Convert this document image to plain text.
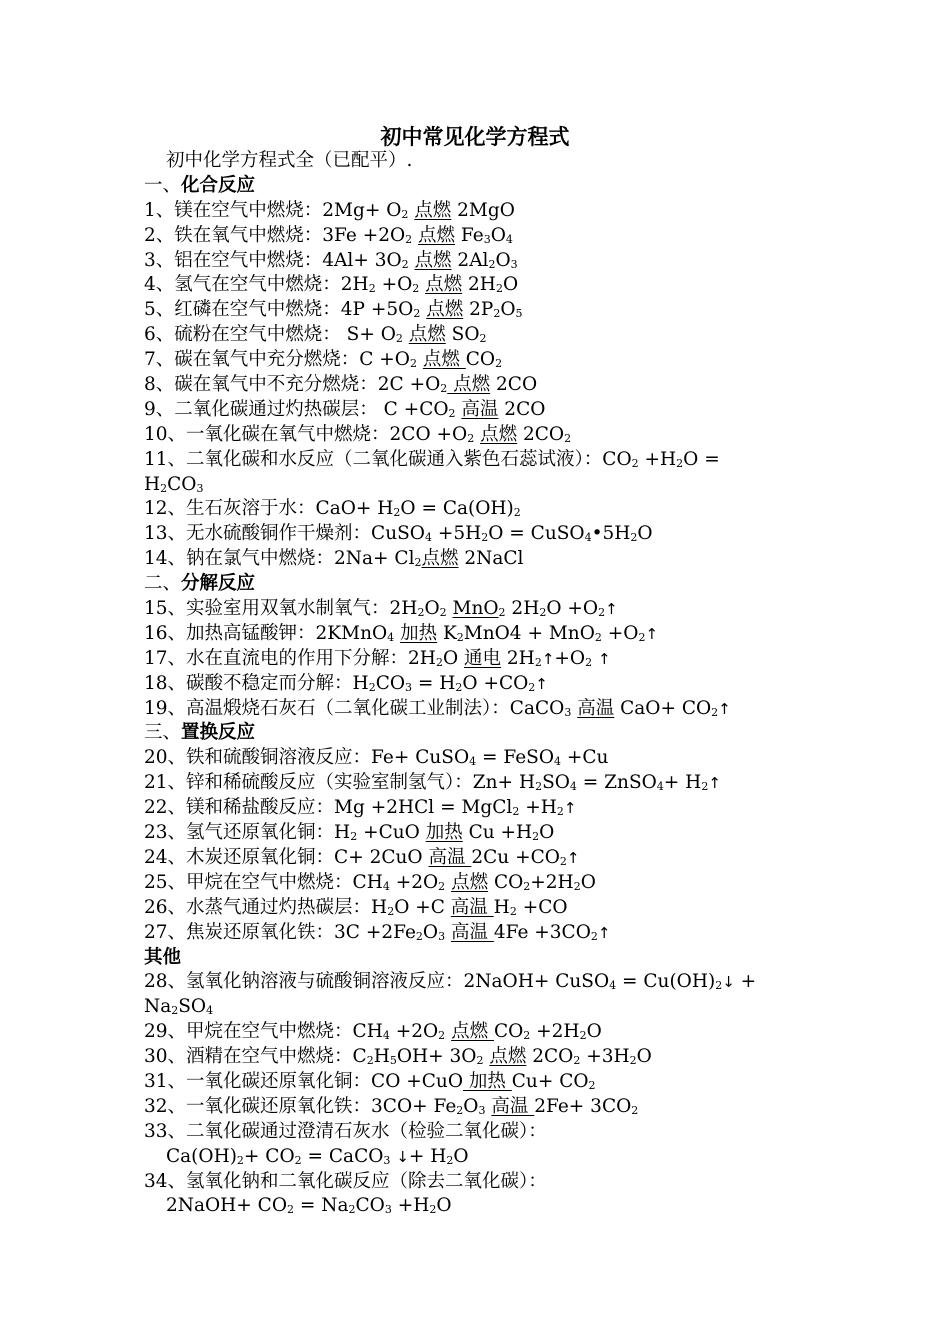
初中常见化学方程式
初中化学方程式全（已配平）.
一、化合反应
1、镁在空气中燃烧：$2Mg+ O_2$ 点燃 2MgO
2、铁在氧气中燃烧：$3Fe +2O_2$ 点燃 $Fe_3O_4$
3、铝在空气中燃烧：$4Al+ 3O_2$ 点燃 $2Al_2O_3$
4、氢气在空气中燃烧：$2H_2 +O_2$ 点燃 $2H_2O$
5、红磷在空气中燃烧：$4P +5O_2$ 点燃 $2P_2O_5$
6、硫粉在空气中燃烧： $S+ O_2$ 点燃 $SO_2$
7、碳在氧气中充分燃烧：$C +O_2$ 点燃 $CO_2$
8、碳在氧气中不充分燃烧：$2C +O_2$ 点燃 2CO
9、二氧化碳通过灼热碳层： $C +CO_2$ 高温 2CO
10、一氧化碳在氧气中燃烧：$2CO +O_2$ 点燃 $2CO_2$
11、二氧化碳和水反应（二氧化碳通入紫色石蕊试液）：$CO_2 +H_2O$ =
$H_2CO_3$
12、生石灰溶于水：$CaO+ H_2O = Ca(OH)_2$
13、无水硫酸铜作干燥剂：CuSO$_4$ $+5H_2O$ = $CuSO_4•5H_2O$
14、钠在氯气中燃烧：$2Na+ Cl_2$点燃 2NaCl
二、分解反应
15、实验室用双氧水制氧气：$2H_2O_2$ MnO$_2$ $2H_2O$ $+O_2↑$
16、加热高锰酸钾：2KMnO$_4$ 加热 $K_2MnO4 + MnO_2$ $+O_2↑$
17、水在直流电的作用下分解：$2H_2O$ 通电 $2H_2↑+O_2$ ↑
18、碳酸不稳定而分解：$H_2CO_3 = H_2O$ $+CO_2↑$
19、高温煅烧石灰石（二氧化碳工业制法）：CaCO$_3$ 高温 $CaO+ CO_2↑$
三、置换反应
20、铁和硫酸铜溶液反应：Fe+ CuSO$_4$ = FeSO$_4$ +Cu
21、锌和稀硫酸反应（实验室制氢气）：$Zn+ H_2SO_4$ = ZnSO$_4$+ $H_2↑$
22、镁和稀盐酸反应：Mg +2HCl = MgCl$_2$ $+H_2↑$
23、氢气还原氧化铜：$H_2 +CuO$ 加热 $Cu +H_2O$
24、木炭还原氧化铜：C+ 2CuO 高温 $2Cu +CO_2↑$
25、甲烷在空气中燃烧：$CH_4 +2O_2$ 点燃 $CO_2+2H_2O$
26、水蒸气通过灼热碳层：$H_2O +C$ 高温 $H_2 +CO$
27、焦炭还原氧化铁：$3C +2Fe_2O_3$ 高温 $4Fe +3CO_2↑$
其他
28、氢氧化钠溶液与硫酸铜溶液反应：2NaOH+ CuSO$_4$ = $Cu(OH)_2↓$ +
$Na_2SO_4$
29、甲烷在空气中燃烧：$CH_4 +2O_2$ 点燃 $CO_2 +2H_2O$
30、酒精在空气中燃烧：$C_2H_5OH+ 3O_2$ 点燃 $2CO_2 +3H_2O$
31、一氧化碳还原氧化铜：CO +CuO 加热 $Cu+ CO_2$
32、一氧化碳还原氧化铁：$3CO+ Fe_2O_3$ 高温 $2Fe+ 3CO_2$
33、二氧化碳通过澄清石灰水（检验二氧化碳）：
$Ca(OH)_2+ CO_2$ = CaCO$_3$ ↓+ $H_2O$
34、氢氧化钠和二氧化碳反应（除去二氧化碳）：
2NaOH+ $CO_2 = Na_2CO_3 +H_2O$
